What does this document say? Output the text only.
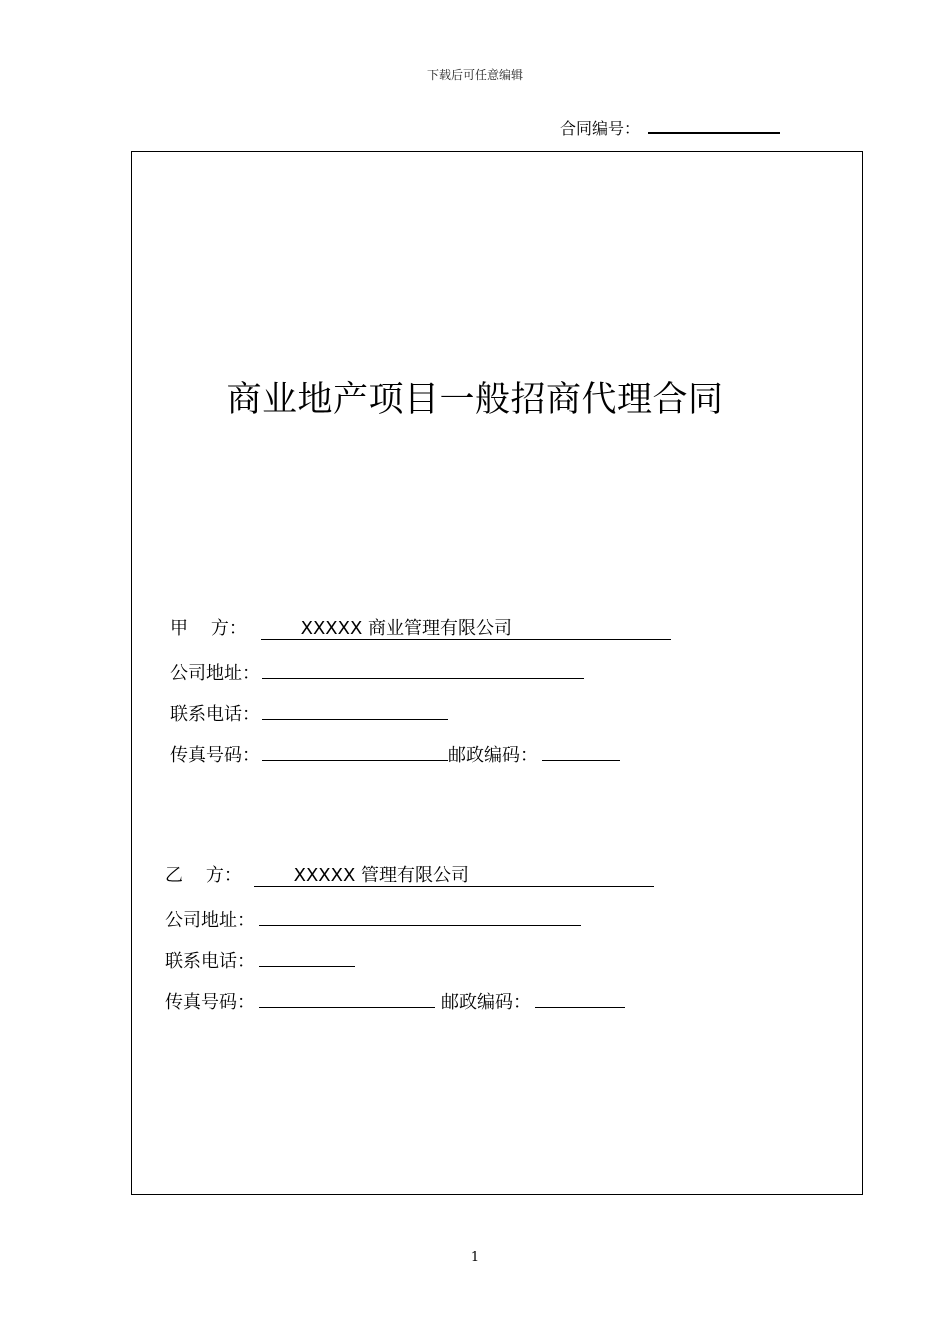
下载后可任意编辑
合同编号：
商业地产项目一般招商代理合同
甲    方：	XXXXX 商业管理有限公司
公司地址：
联系电话：
传真号码：	邮政编码：
乙    方：	XXXXX 管理有限公司
公司地址：
联系电话：
传真号码：	邮政编码：
1
